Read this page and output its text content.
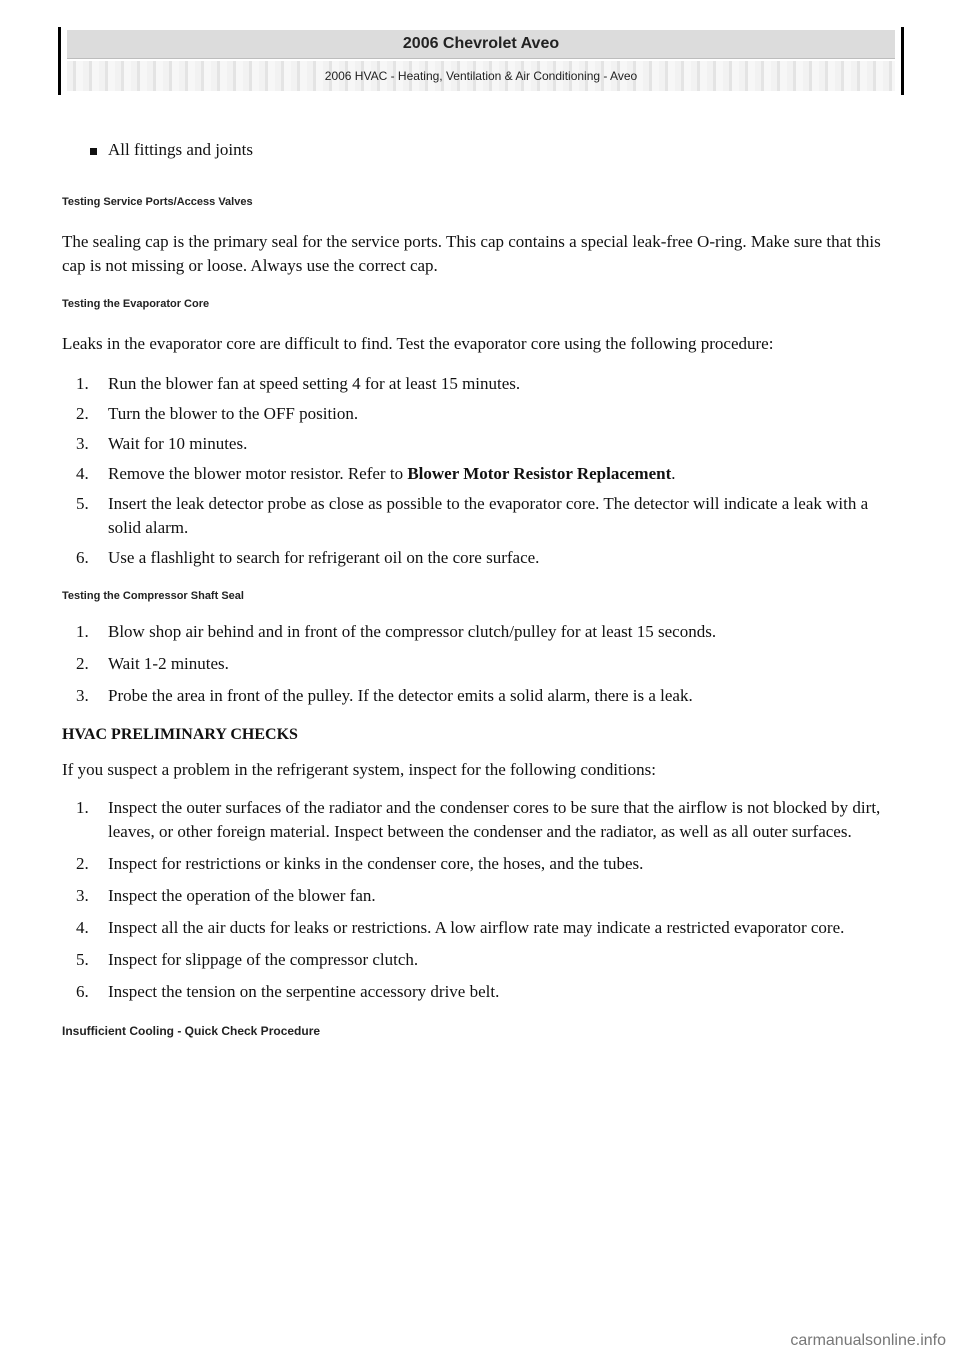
2006 Chevrolet Aveo
2006 HVAC - Heating, Ventilation & Air Conditioning - Aveo
All fittings and joints

Testing Service Ports/Access Valves

The sealing cap is the primary seal for the service ports. This cap contains a special leak-free O-ring. Make sure that this cap is not missing or loose. Always use the correct cap.

Testing the Evaporator Core

Leaks in the evaporator core are difficult to find. Test the evaporator core using the following procedure:

1. Run the blower fan at speed setting 4 for at least 15 minutes.
2. Turn the blower to the OFF position.
3. Wait for 10 minutes.
4. Remove the blower motor resistor. Refer to Blower Motor Resistor Replacement.
5. Insert the leak detector probe as close as possible to the evaporator core. The detector will indicate a leak with a solid alarm.
6. Use a flashlight to search for refrigerant oil on the core surface.

Testing the Compressor Shaft Seal

1. Blow shop air behind and in front of the compressor clutch/pulley for at least 15 seconds.
2. Wait 1-2 minutes.
3. Probe the area in front of the pulley. If the detector emits a solid alarm, there is a leak.

HVAC PRELIMINARY CHECKS

If you suspect a problem in the refrigerant system, inspect for the following conditions:

1. Inspect the outer surfaces of the radiator and the condenser cores to be sure that the airflow is not blocked by dirt, leaves, or other foreign material. Inspect between the condenser and the radiator, as well as all outer surfaces.
2. Inspect for restrictions or kinks in the condenser core, the hoses, and the tubes.
3. Inspect the operation of the blower fan.
4. Inspect all the air ducts for leaks or restrictions. A low airflow rate may indicate a restricted evaporator core.
5. Inspect for slippage of the compressor clutch.
6. Inspect the tension on the serpentine accessory drive belt.

Insufficient Cooling - Quick Check Procedure

carmanualsonline.info
